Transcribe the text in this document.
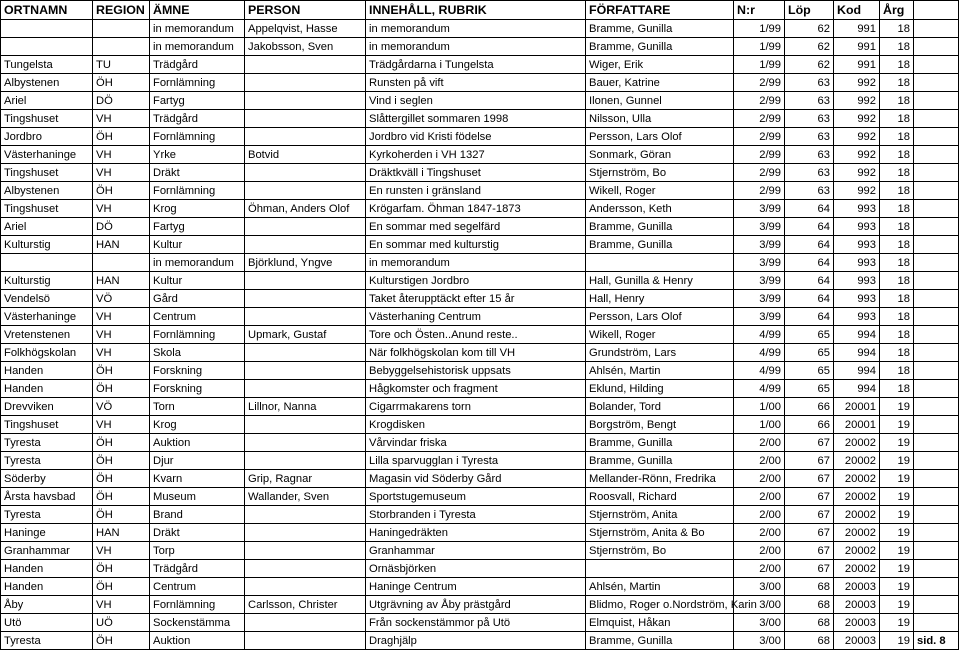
ORTNAMN	REGION	ÄMNE	PERSON	INNEHÅLL, RUBRIK	FÖRFATTARE	N:r	Löp	Kod	Årg	
		in memorandum	Appelqvist, Hasse	in memorandum	Bramme, Gunilla	1/99	62	991	18	
		in memorandum	Jakobsson, Sven	in memorandum	Bramme, Gunilla	1/99	62	991	18	
Tungelsta	TU	Trädgård		Trädgårdarna i Tungelsta	Wiger, Erik	1/99	62	991	18	
Albystenen	ÖH	Fornlämning		Runsten på vift	Bauer, Katrine	2/99	63	992	18	
Ariel	DÖ	Fartyg		Vind i seglen	Ilonen, Gunnel	2/99	63	992	18	
Tingshuset	VH	Trädgård		Slåttergillet sommaren 1998	Nilsson, Ulla	2/99	63	992	18	
Jordbro	ÖH	Fornlämning		Jordbro vid Kristi födelse	Persson, Lars Olof	2/99	63	992	18	
Västerhaninge	VH	Yrke	Botvid	Kyrkoherden i VH 1327	Sonmark, Göran	2/99	63	992	18	
Tingshuset	VH	Dräkt		Dräktkväll i Tingshuset	Stjernström, Bo	2/99	63	992	18	
Albystenen	ÖH	Fornlämning		En runsten i gränsland	Wikell, Roger	2/99	63	992	18	
Tingshuset	VH	Krog	Öhman, Anders Olof	Krögarfam. Öhman 1847-1873	Andersson, Keth	3/99	64	993	18	
Ariel	DÖ	Fartyg		En sommar med segelfärd	Bramme, Gunilla	3/99	64	993	18	
Kulturstig	HAN	Kultur		En sommar med kulturstig	Bramme, Gunilla	3/99	64	993	18	
		in memorandum	Björklund, Yngve	in memorandum		3/99	64	993	18	
Kulturstig	HAN	Kultur		Kulturstigen Jordbro	Hall, Gunilla & Henry	3/99	64	993	18	
Vendelsö	VÖ	Gård		Taket återupptäckt efter 15 år	Hall, Henry	3/99	64	993	18	
Västerhaninge	VH	Centrum		Västerhaning Centrum	Persson, Lars Olof	3/99	64	993	18	
Vretenstenen	VH	Fornlämning	Upmark, Gustaf	Tore och Östen..Anund reste..	Wikell, Roger	4/99	65	994	18	
Folkhögskolan	VH	Skola		När folkhögskolan kom till VH	Grundström, Lars	4/99	65	994	18	
Handen	ÖH	Forskning		Bebyggelsehistorisk uppsats	Ahlsén, Martin	4/99	65	994	18	
Handen	ÖH	Forskning		Hågkomster och fragment	Eklund, Hilding	4/99	65	994	18	
Drevviken	VÖ	Torn	Lillnor, Nanna	Cigarrmakarens torn	Bolander, Tord	1/00	66	20001	19	
Tingshuset	VH	Krog		Krogdisken	Borgström, Bengt	1/00	66	20001	19	
Tyresta	ÖH	Auktion		Vårvindar friska	Bramme, Gunilla	2/00	67	20002	19	
Tyresta	ÖH	Djur		Lilla sparvugglan i Tyresta	Bramme, Gunilla	2/00	67	20002	19	
Söderby	ÖH	Kvarn	Grip, Ragnar	Magasin vid Söderby Gård	Mellander-Rönn, Fredrika	2/00	67	20002	19	
Årsta havsbad	ÖH	Museum	Wallander, Sven	Sportstugemuseum	Roosvall, Richard	2/00	67	20002	19	
Tyresta	ÖH	Brand		Storbranden i Tyresta	Stjernström, Anita	2/00	67	20002	19	
Haninge	HAN	Dräkt		Haningedräkten	Stjernström, Anita & Bo	2/00	67	20002	19	
Granhammar	VH	Torp		Granhammar	Stjernström, Bo	2/00	67	20002	19	
Handen	ÖH	Trädgård		Ornäsbjörken		2/00	67	20002	19	
Handen	ÖH	Centrum		Haninge Centrum	Ahlsén, Martin	3/00	68	20003	19	
Åby	VH	Fornlämning	Carlsson, Christer	Utgrävning av Åby prästgård	Blidmo, Roger o.Nordström, Karin	3/00	68	20003	19	
Utö	UÖ	Sockenstämma		Från sockenstämmor på Utö	Elmquist, Håkan	3/00	68	20003	19	
Tyresta	ÖH	Auktion		Draghjälp	Bramme, Gunilla	3/00	68	20003	19	sid. 8
